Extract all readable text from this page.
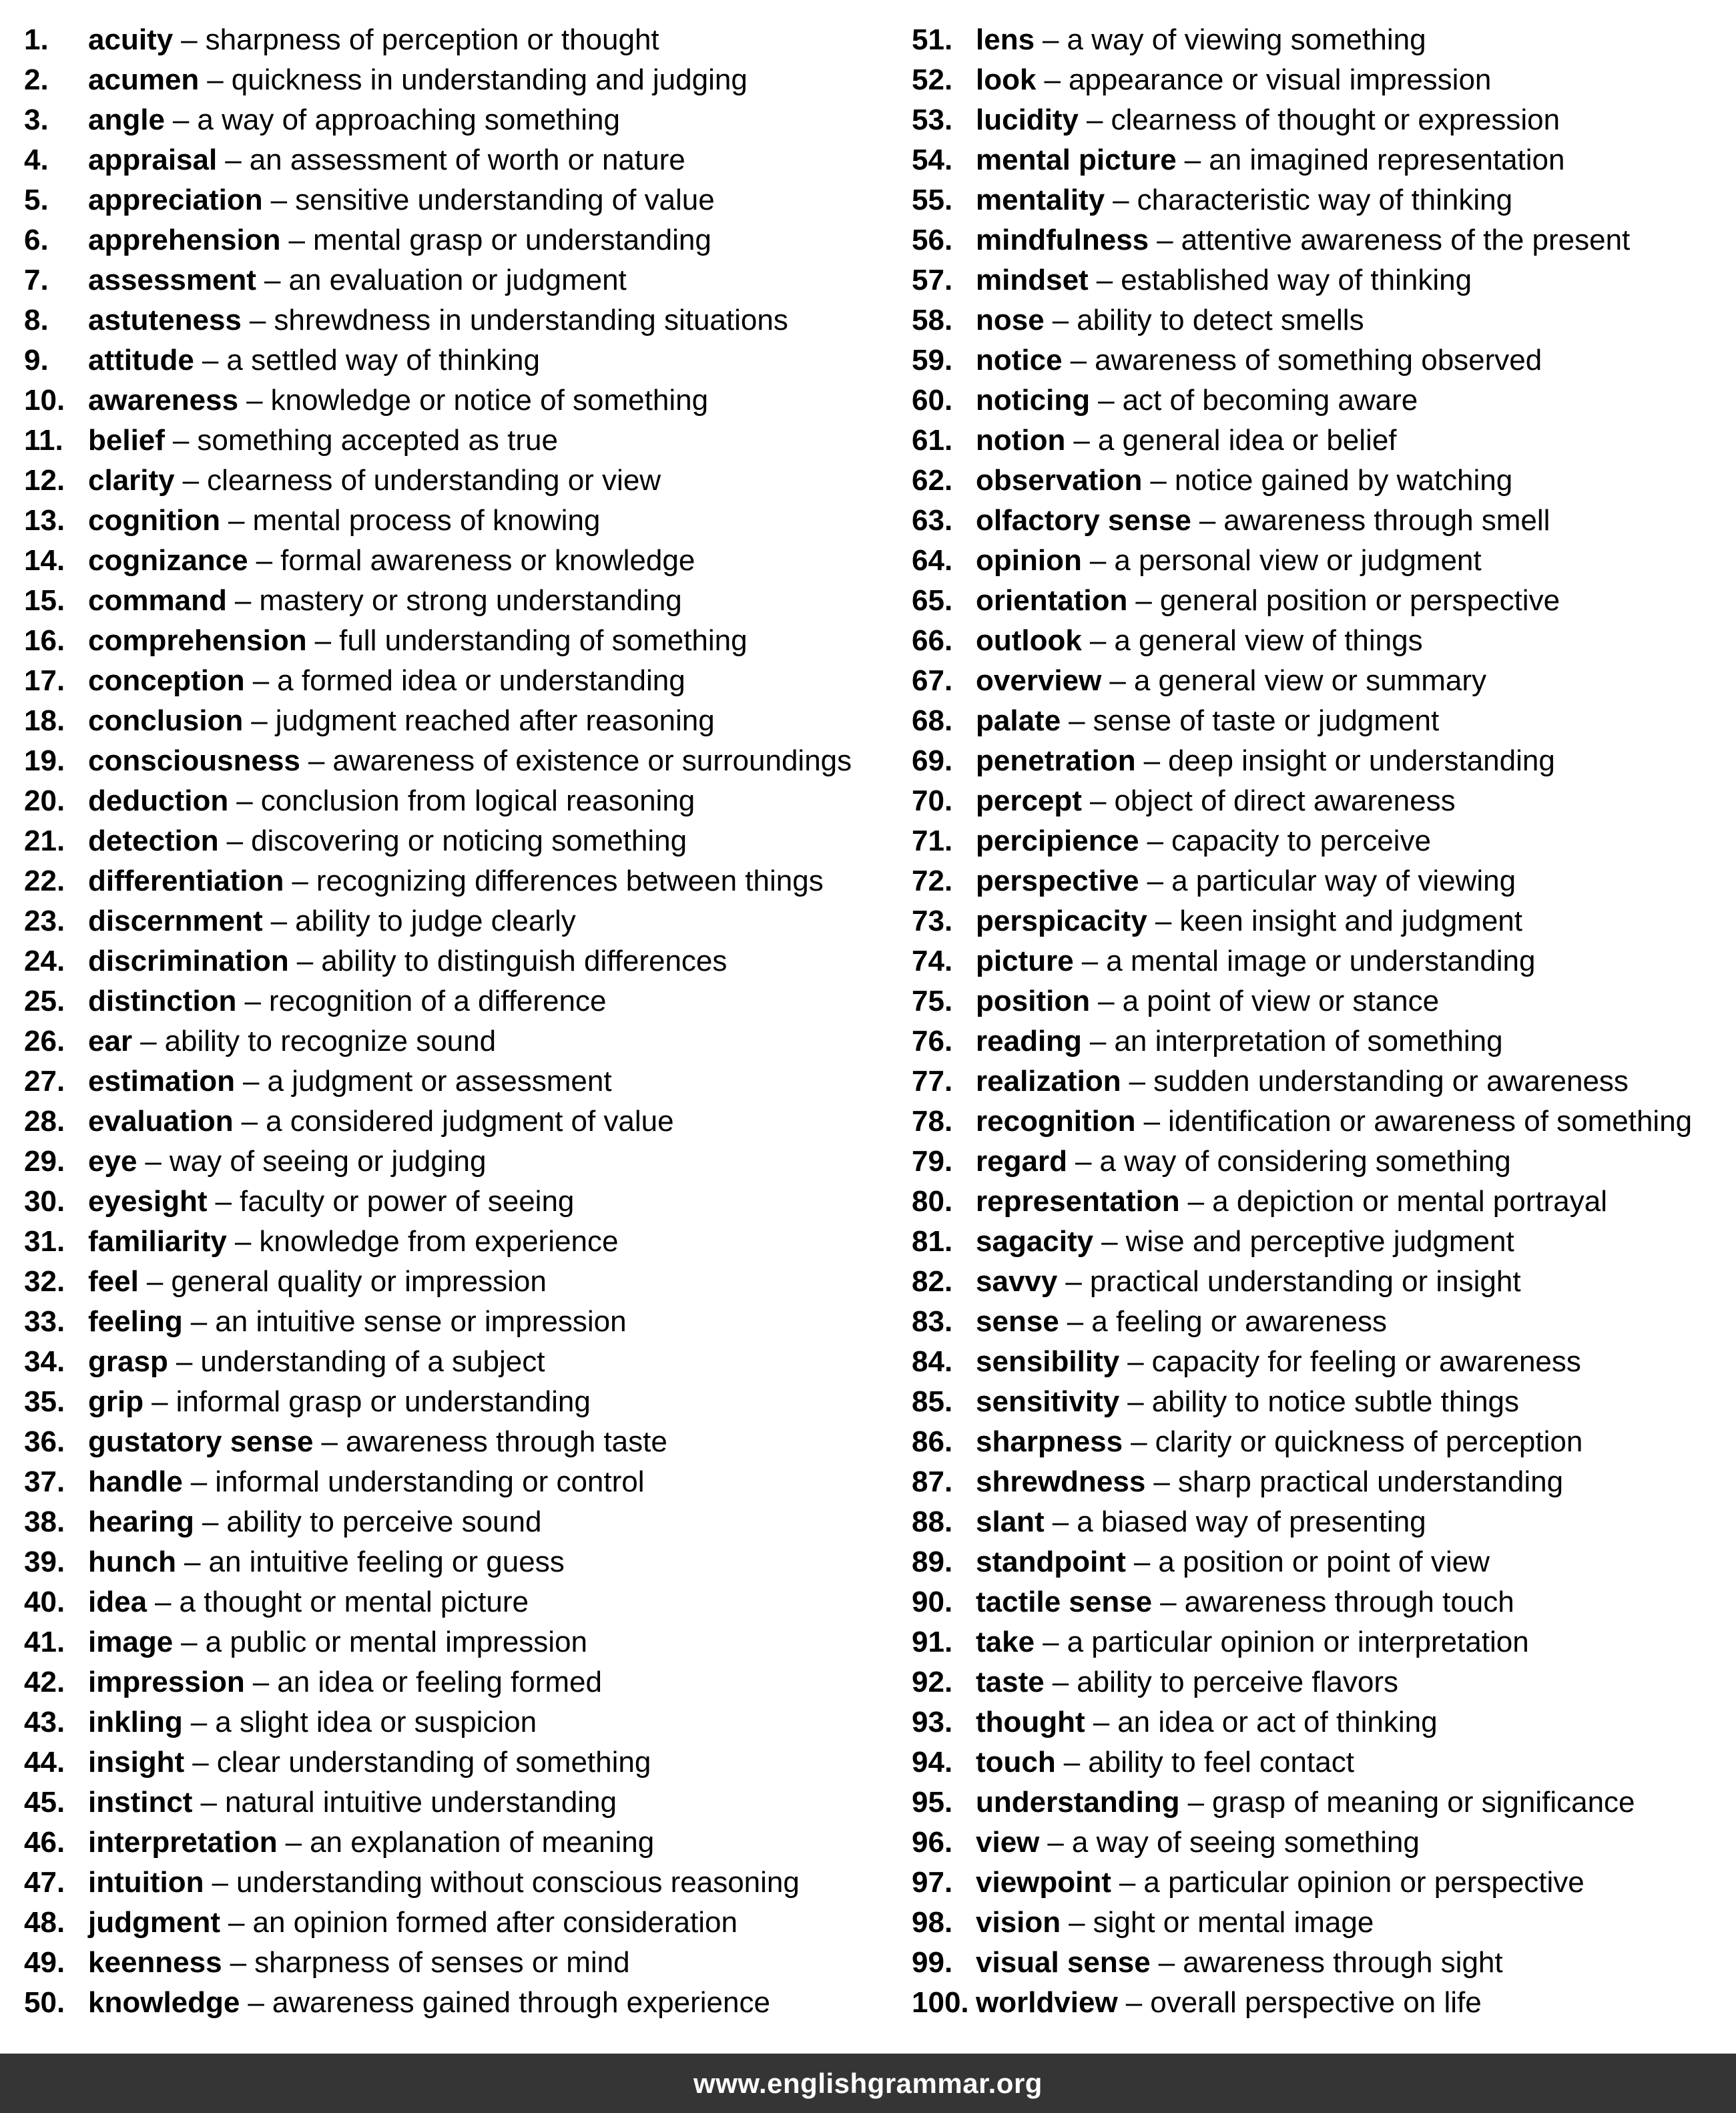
1.	acuity – sharpness of perception or thought
2.	acumen – quickness in understanding and judging
3.	angle – a way of approaching something
4.	appraisal – an assessment of worth or nature
5.	appreciation – sensitive understanding of value
6.	apprehension – mental grasp or understanding
7.	assessment – an evaluation or judgment
8.	astuteness – shrewdness in understanding situations
9.	attitude – a settled way of thinking
10. awareness – knowledge or notice of something
11. belief – something accepted as true
12. clarity – clearness of understanding or view
13. cognition – mental process of knowing
14. cognizance – formal awareness or knowledge
15. command – mastery or strong understanding
16. comprehension – full understanding of something
17. conception – a formed idea or understanding
18. conclusion – judgment reached after reasoning
19. consciousness – awareness of existence or surroundings
20. deduction – conclusion from logical reasoning
21. detection – discovering or noticing something
22. differentiation – recognizing differences between things
23. discernment – ability to judge clearly
24. discrimination – ability to distinguish differences
25. distinction – recognition of a difference
26. ear – ability to recognize sound
27. estimation – a judgment or assessment
28. evaluation – a considered judgment of value
29. eye – way of seeing or judging
30. eyesight – faculty or power of seeing
31. familiarity – knowledge from experience
32. feel – general quality or impression
33. feeling – an intuitive sense or impression
34. grasp – understanding of a subject
35. grip – informal grasp or understanding
36. gustatory sense – awareness through taste
37. handle – informal understanding or control
38. hearing – ability to perceive sound
39. hunch – an intuitive feeling or guess
40. idea – a thought or mental picture
41. image – a public or mental impression
42. impression – an idea or feeling formed
43. inkling – a slight idea or suspicion
44. insight – clear understanding of something
45. instinct – natural intuitive understanding
46. interpretation – an explanation of meaning
47. intuition – understanding without conscious reasoning
48. judgment – an opinion formed after consideration
49. keenness – sharpness of senses or mind
50. knowledge – awareness gained through experience
51. lens – a way of viewing something
52. look – appearance or visual impression
53. lucidity – clearness of thought or expression
54. mental picture – an imagined representation
55. mentality – characteristic way of thinking
56. mindfulness – attentive awareness of the present
57. mindset – established way of thinking
58. nose – ability to detect smells
59. notice – awareness of something observed
60. noticing – act of becoming aware
61. notion – a general idea or belief
62. observation – notice gained by watching
63. olfactory sense – awareness through smell
64. opinion – a personal view or judgment
65. orientation – general position or perspective
66. outlook – a general view of things
67. overview – a general view or summary
68. palate – sense of taste or judgment
69. penetration – deep insight or understanding
70. percept – object of direct awareness
71. percipience – capacity to perceive
72. perspective – a particular way of viewing
73. perspicacity – keen insight and judgment
74. picture – a mental image or understanding
75. position – a point of view or stance
76. reading – an interpretation of something
77. realization – sudden understanding or awareness
78. recognition – identification or awareness of something
79. regard – a way of considering something
80. representation – a depiction or mental portrayal
81. sagacity – wise and perceptive judgment
82. savvy – practical understanding or insight
83. sense – a feeling or awareness
84. sensibility – capacity for feeling or awareness
85. sensitivity – ability to notice subtle things
86. sharpness – clarity or quickness of perception
87. shrewdness – sharp practical understanding
88. slant – a biased way of presenting
89. standpoint – a position or point of view
90. tactile sense – awareness through touch
91. take – a particular opinion or interpretation
92. taste – ability to perceive flavors
93. thought – an idea or act of thinking
94. touch – ability to feel contact
95. understanding – grasp of meaning or significance
96. view – a way of seeing something
97. viewpoint – a particular opinion or perspective
98. vision – sight or mental image
99. visual sense – awareness through sight
100. worldview – overall perspective on life
www.englishgrammar.org
